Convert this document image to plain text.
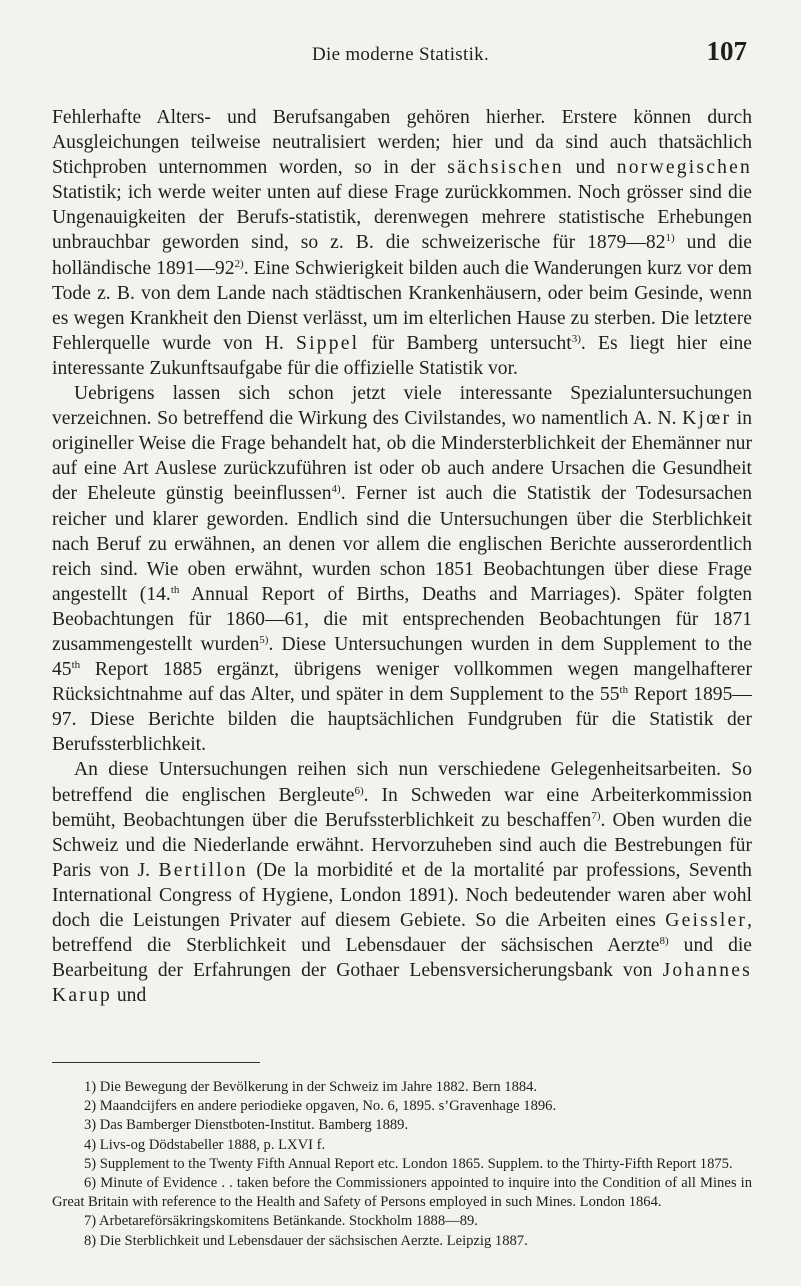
Die moderne Statistik.	107

Fehlerhafte Alters- und Berufsangaben gehören hierher. Erstere können durch Ausgleichungen teilweise neutralisiert werden; hier und da sind auch thatsächlich Stichproben unternommen worden, so in der sächsischen und norwegischen Statistik; ich werde weiter unten auf diese Frage zurückkommen. Noch grösser sind die Ungenauigkeiten der Berufs-statistik, derenwegen mehrere statistische Erhebungen unbrauchbar geworden sind, so z. B. die schweizerische für 1879—82$^{1)}$ und die holländische 1891—92$^{2)}$. Eine Schwierigkeit bilden auch die Wanderungen kurz vor dem Tode z. B. von dem Lande nach städtischen Krankenhäusern, oder beim Gesinde, wenn es wegen Krankheit den Dienst verlässt, um im elterlichen Hause zu sterben. Die letztere Fehlerquelle wurde von H. Sippel für Bamberg untersucht$^{3)}$. Es liegt hier eine interessante Zukunftsaufgabe für die offizielle Statistik vor.

Uebrigens lassen sich schon jetzt viele interessante Spezialuntersuchungen verzeichnen. So betreffend die Wirkung des Civilstandes, wo namentlich A. N. Kjœr in origineller Weise die Frage behandelt hat, ob die Mindersterblichkeit der Ehemänner nur auf eine Art Auslese zurückzuführen ist oder ob auch andere Ursachen die Gesundheit der Eheleute günstig beeinflussen$^{4)}$. Ferner ist auch die Statistik der Todesursachen reicher und klarer geworden. Endlich sind die Untersuchungen über die Sterblichkeit nach Beruf zu erwähnen, an denen vor allem die englischen Berichte ausserordentlich reich sind. Wie oben erwähnt, wurden schon 1851 Beobachtungen über diese Frage angestellt (14.$^{th}$ Annual Report of Births, Deaths and Marriages). Später folgten Beobachtungen für 1860—61, die mit entsprechenden Beobachtungen für 1871 zusammengestellt wurden$^{5)}$. Diese Untersuchungen wurden in dem Supplement to the 45th Report 1885 ergänzt, übrigens weniger vollkommen wegen mangelhafterer Rücksichtnahme auf das Alter, und später in dem Supplement to the 55th Report 1895—97. Diese Berichte bilden die hauptsächlichen Fundgruben für die Statistik der Berufssterblichkeit.

An diese Untersuchungen reihen sich nun verschiedene Gelegenheitsarbeiten. So betreffend die englischen Bergleute$^{6)}$. In Schweden war eine Arbeiterkommission bemüht, Beobachtungen über die Berufssterblichkeit zu beschaffen$^{7)}$. Oben wurden die Schweiz und die Niederlande erwähnt. Hervorzuheben sind auch die Bestrebungen für Paris von J. Bertillon (De la morbidité et de la mortalité par professions, Seventh International Congress of Hygiene, London 1891). Noch bedeutender waren aber wohl doch die Leistungen Privater auf diesem Gebiete. So die Arbeiten eines Geissler, betreffend die Sterblichkeit und Lebensdauer der sächsischen Aerzte$^{8)}$ und die Bearbeitung der Erfahrungen der Gothaer Lebensversicherungsbank von Johannes Karup und

1) Die Bewegung der Bevölkerung in der Schweiz im Jahre 1882. Bern 1884.

2) Maandcijfers en andere periodieke opgaven, No. 6, 1895. s’Gravenhage 1896.

3) Das Bamberger Dienstboten-Institut. Bamberg 1889.

4) Livs-og Dödstabeller 1888, p. LXVI f.

5) Supplement to the Twenty Fifth Annual Report etc. London 1865. Supplem. to the Thirty-Fifth Report 1875.

6) Minute of Evidence . . taken before the Commissioners appointed to inquire into the Condition of all Mines in Great Britain with reference to the Health and Safety of Persons employed in such Mines. London 1864.

7) Arbetareförsäkringskomitens Betänkande. Stockholm 1888—89.

8) Die Sterblichkeit und Lebensdauer der sächsischen Aerzte. Leipzig 1887.
